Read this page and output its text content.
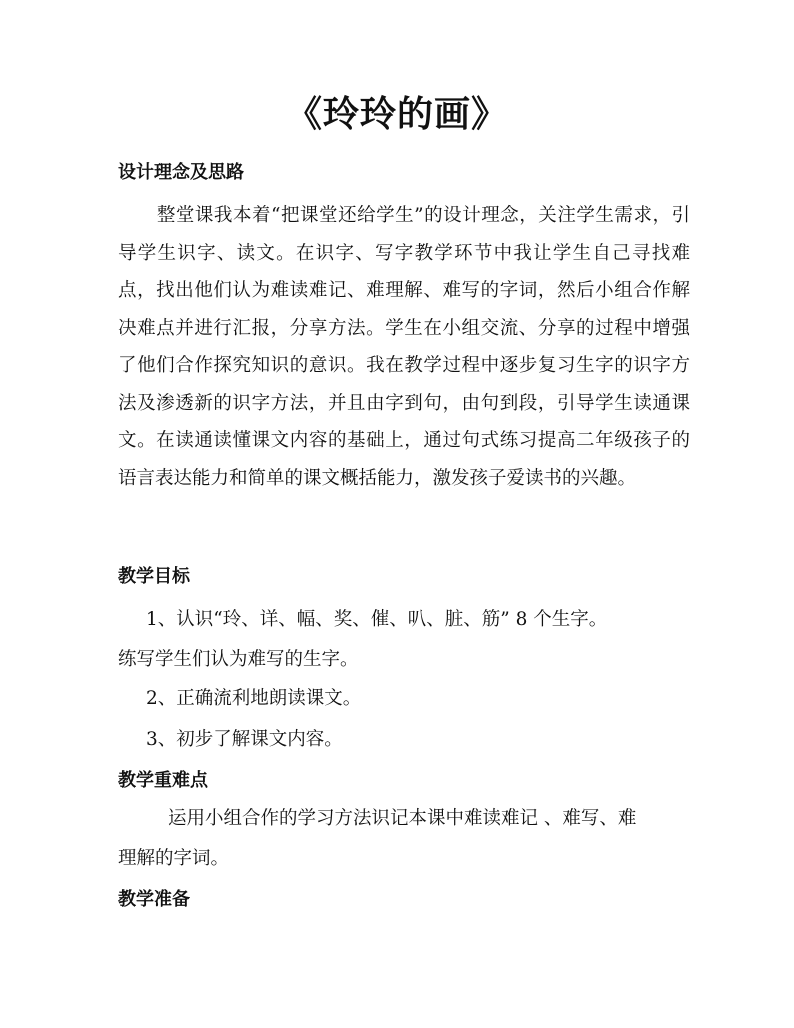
《玲玲的画》
设计理念及思路
整堂课我本着“把课堂还给学生”的设计理念，关注学生需求，引导学生识字、读文。在识字、写字教学环节中我让学生自己寻找难点，找出他们认为难读难记、难理解、难写的字词，然后小组合作解决难点并进行汇报，分享方法。学生在小组交流、分享的过程中增强了他们合作探究知识的意识。我在教学过程中逐步复习生字的识字方法及渗透新的识字方法，并且由字到句，由句到段，引导学生读通课文。在读通读懂课文内容的基础上，通过句式练习提高二年级孩子的语言表达能力和简单的课文概括能力，激发孩子爱读书的兴趣。
教学目标
1、认识“玲、详、幅、奖、催、叭、脏、筋” 8 个生字。
练写学生们认为难写的生字。
2、正确流利地朗读课文。
3、初步了解课文内容。
教学重难点
运用小组合作的学习方法识记本课中难读难记 、难写、难
理解的字词。
教学准备
